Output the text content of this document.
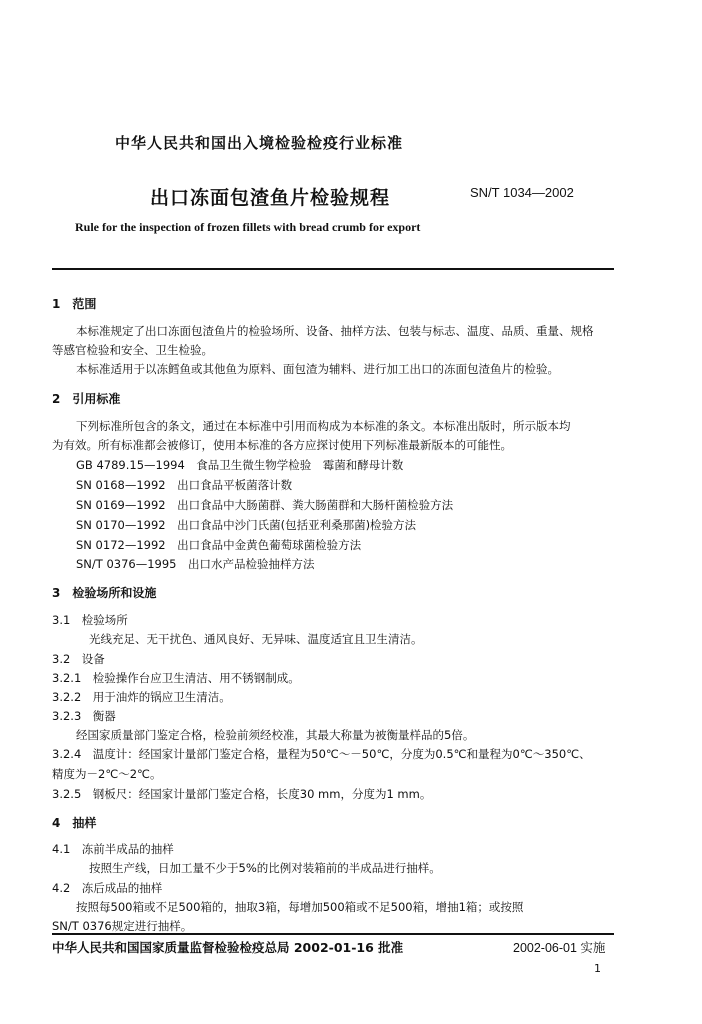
中华人民共和国出入境检验检疫行业标准
出口冻面包渣鱼片检验规程	SN/T 1034—2002
Rule for the inspection of frozen fillets with bread crumb for export
1　范围
本标准规定了出口冻面包渣鱼片的检验场所、设备、抽样方法、包装与标志、温度、品质、重量、规格
等感官检验和安全、卫生检验。
本标准适用于以冻鳕鱼或其他鱼为原料、面包渣为辅料、进行加工出口的冻面包渣鱼片的检验。
2　引用标准
下列标准所包含的条文，通过在本标准中引用而构成为本标准的条文。本标准出版时，所示版本均
为有效。所有标准都会被修订，使用本标准的各方应探讨使用下列标准最新版本的可能性。
GB 4789.15—1994　食品卫生微生物学检验　霉菌和酵母计数
SN 0168—1992　出口食品平板菌落计数
SN 0169—1992　出口食品中大肠菌群、粪大肠菌群和大肠杆菌检验方法
SN 0170—1992　出口食品中沙门氏菌(包括亚利桑那菌)检验方法
SN 0172—1992　出口食品中金黄色葡萄球菌检验方法
SN/T 0376—1995　出口水产品检验抽样方法
3　检验场所和设施
3.1　检验场所
光线充足、无干扰色、通风良好、无异味、温度适宜且卫生清洁。
3.2　设备
3.2.1　检验操作台应卫生清洁、用不锈钢制成。
3.2.2　用于油炸的锅应卫生清洁。
3.2.3　衡器
经国家质量部门鉴定合格，检验前须经校准，其最大称量为被衡量样品的5倍。
3.2.4　温度计：经国家计量部门鉴定合格，量程为50℃～－50℃，分度为0.5℃和量程为0℃～350℃、
精度为－2℃～2℃。
3.2.5　钢板尺：经国家计量部门鉴定合格，长度30 mm，分度为1 mm。
4　抽样
4.1　冻前半成品的抽样
按照生产线，日加工量不少于5%的比例对装箱前的半成品进行抽样。
4.2　冻后成品的抽样
按照每500箱或不足500箱的，抽取3箱，每增加500箱或不足500箱，增抽1箱；或按照
SN/T 0376规定进行抽样。
中华人民共和国国家质量监督检验检疫总局 2002-01-16 批准	2002-06-01 实施
1
